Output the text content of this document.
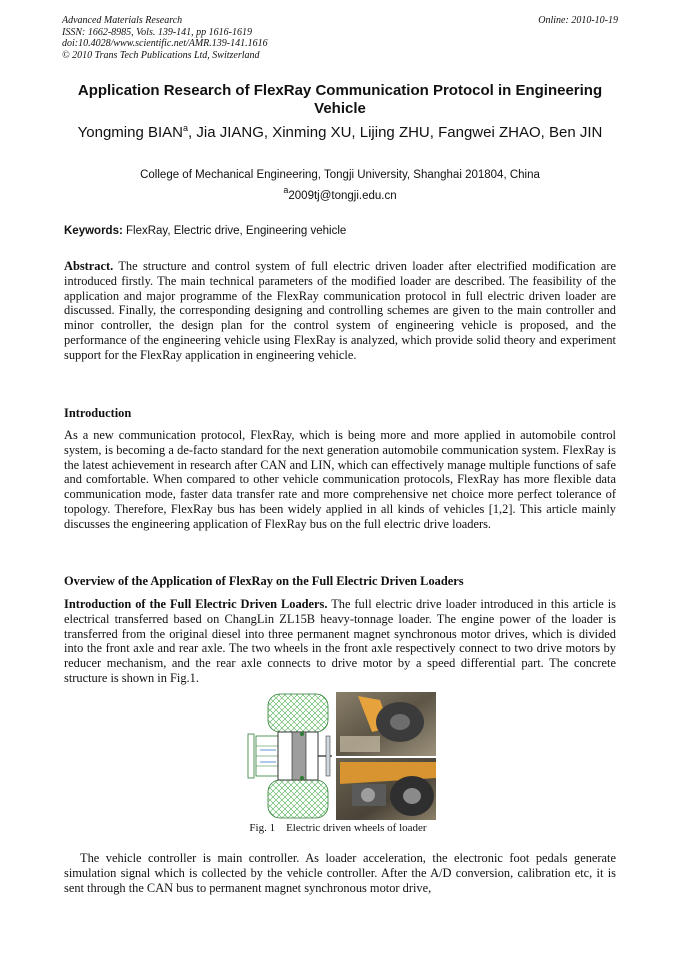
Advanced Materials Research
ISSN: 1662-8985, Vols. 139-141, pp 1616-1619
doi:10.4028/www.scientific.net/AMR.139-141.1616
© 2010 Trans Tech Publications Ltd, Switzerland
Online: 2010-10-19
Application Research of FlexRay Communication Protocol in Engineering Vehicle
Yongming BIAN$^a$, Jia JIANG, Xinming XU, Lijing ZHU, Fangwei ZHAO, Ben JIN
College of Mechanical Engineering, Tongji University, Shanghai 201804, China
$^a$2009tj@tongji.edu.cn
Keywords: FlexRay, Electric drive, Engineering vehicle
Abstract. The structure and control system of full electric driven loader after electrified modification are introduced firstly. The main technical parameters of the modified loader are described. The feasibility of the application and major programme of the FlexRay communication protocol in full electric driven loader are discussed. Finally, the corresponding designing and controlling schemes are given to the main controller and minor controller, the design plan for the control system of engineering vehicle is proposed, and the performance of the engineering vehicle using FlexRay is analyzed, which provide solid theory and experiment support for the FlexRay application in engineering vehicle.
Introduction
As a new communication protocol, FlexRay, which is being more and more applied in automobile control system, is becoming a de-facto standard for the next generation automobile communication system. FlexRay is the latest achievement in research after CAN and LIN, which can effectively manage multiple functions of safe and comfortable. When compared to other vehicle communication protocols, FlexRay has more flexible data communication mode, faster data transfer rate and more comprehensive net choice more perfect tolerance of topology. Therefore, FlexRay bus has been widely applied in all kinds of vehicles [1,2]. This article mainly discusses the engineering application of FlexRay bus on the full electric drive loaders.
Overview of the Application of FlexRay on the Full Electric Driven Loaders
Introduction of the Full Electric Driven Loaders. The full electric drive loader introduced in this article is electrical transferred based on ChangLin ZL15B heavy-tonnage loader. The engine power of the loader is transferred from the original diesel into three permanent magnet synchronous motor drives, which is divided into the front axle and rear axle. The two wheels in the front axle respectively connect to two drive motors by reducer mechanism, and the rear axle connects to drive motor by a speed differential part. The concrete structure is shown in Fig.1.
Fig. 1    Electric driven wheels of loader
The vehicle controller is main controller. As loader acceleration, the electronic foot pedals generate simulation signal which is collected by the vehicle controller. After the A/D conversion, calibration etc, it is sent through the CAN bus to permanent magnet synchronous motor drive,
